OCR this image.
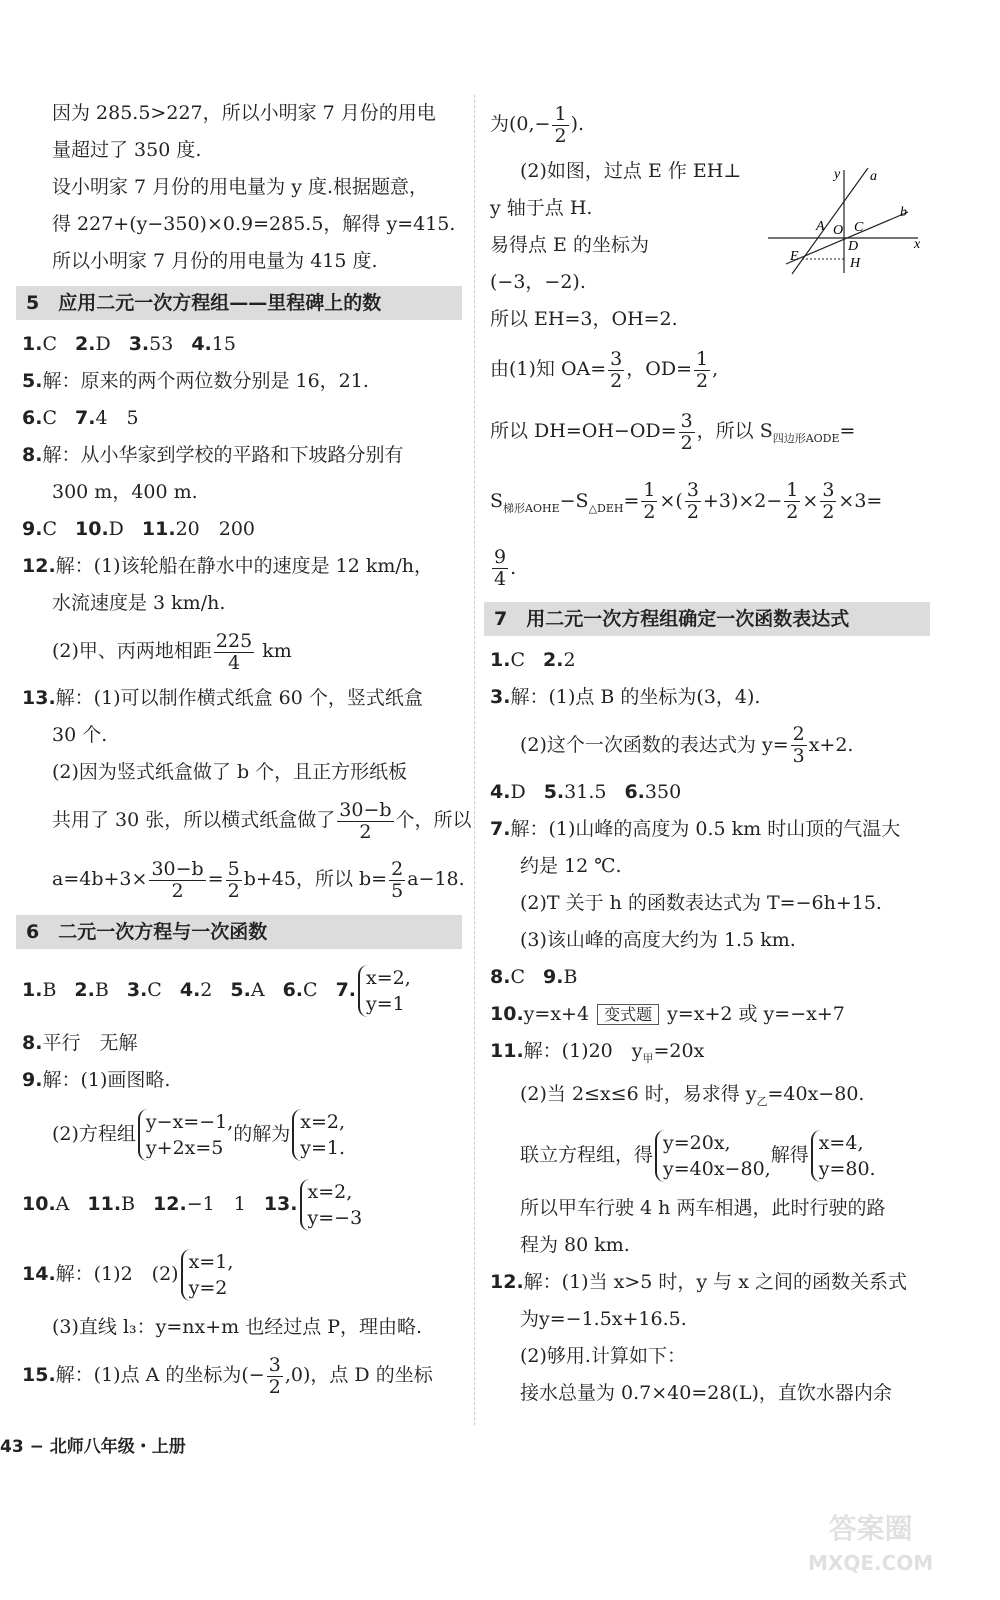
因为 285.5>227，所以小明家 7 月份的用电
量超过了 350 度.
设小明家 7 月份的用电量为 y 度.根据题意，
得 227+(y−350)×0.9=285.5，解得 y=415.
所以小明家 7 月份的用电量为 415 度.
5　应用二元一次方程组——里程碑上的数
1.C 2.D 3.53 4.15
5.解：原来的两个两位数分别是 16，21.
6.C 7.4　5
8.解：从小华家到学校的平路和下坡路分别有
300 m，400 m.
9.C 10.D 11.20　200
12.解：(1)该轮船在静水中的速度是 12 km/h，
水流速度是 3 km/h.
(2)甲、丙两地相距 $\frac{225}{4}$ km
13.解：(1)可以制作横式纸盒 60 个，竖式纸盒
30 个.
(2)因为竖式纸盒做了 b 个，且正方形纸板
共用了 30 张，所以横式纸盒做了 $\frac{30-b}{2}$ 个，所以
$a=4b+3\times \frac{30-b}{2} = \frac{5}{2} b+45$，所以 $b= \frac{2}{5} a-18$.
6　二元一次方程与一次函数
1.B 2.B 3.C 4.2 5.A 6.C 7.
x=2,
y=1
8.平行　无解
9.解：(1)画图略.
(2)方程组
y−x=−1,
y+2x=5
的解为
x=2,
y=1.
10.A 11.B 12.−1　1 13.
x=2,
y=−3
14.解：(1)2　(2)
x=1,
y=2
(3)直线 l₃：y=nx+m 也经过点 P，理由略.
15.解：(1)点 A 的坐标为(− $\frac{3}{2} ,0$)，点 D 的坐标
为($0,- \frac{1}{2}$ ).
(2)如图，过点 E 作 EH⊥
y 轴于点 H.
易得点 E 的坐标为
(−3，−2).
所以 EH=3，OH=2.
由(1)知 $OA= \frac{3}{2}$ ，$OD= \frac{1}{2}$ ,
所以 $DH=OH-OD= \frac{3}{2}$ ，所以 $S_{四边形AODE}=$
$S_{梯形AOHE}-S_{\triangle DEH}= \frac{1}{2}$ ×( $\frac{3}{2} +3)\times 2- \frac{1}{2} \times \frac{3}{2} \times 3=$
$\frac{9}{4}$ .
7　用二元一次方程组确定一次函数表达式
1.C 2.2
3.解：(1)点 B 的坐标为(3，4).
(2)这个一次函数的表达式为 $y= \frac{2}{3} x+2$.
4.D 5.31.5 6.350
7.解：(1)山峰的高度为 0.5 km 时山顶的气温大
约是 12 ℃.
(2)T 关于 h 的函数表达式为 T=−6h+15.
(3)该山峰的高度大约为 1.5 km.
8.C 9.B
10.y=x+4 变式题 y=x+2 或 y=−x+7
11.解：(1)20　$y_甲=20x$
(2)当 2≤x≤6 时，易求得 $y_乙=40x-80$.
联立方程组，得
y=20x,
y=40x−80,
解得
x=4,
y=80.
所以甲车行驶 4 h 两车相遇，此时行驶的路
程为 80 km.
12.解：(1)当 x>5 时，y 与 x 之间的函数关系式
为y=−1.5x+16.5.
(2)够用.计算如下：
接水总量为 0.7×40=28(L)，直饮水器内余
y a
b
x
A O C
D
E	H
43 − 北师八年级・上册
答案圈
MXQE.COM
